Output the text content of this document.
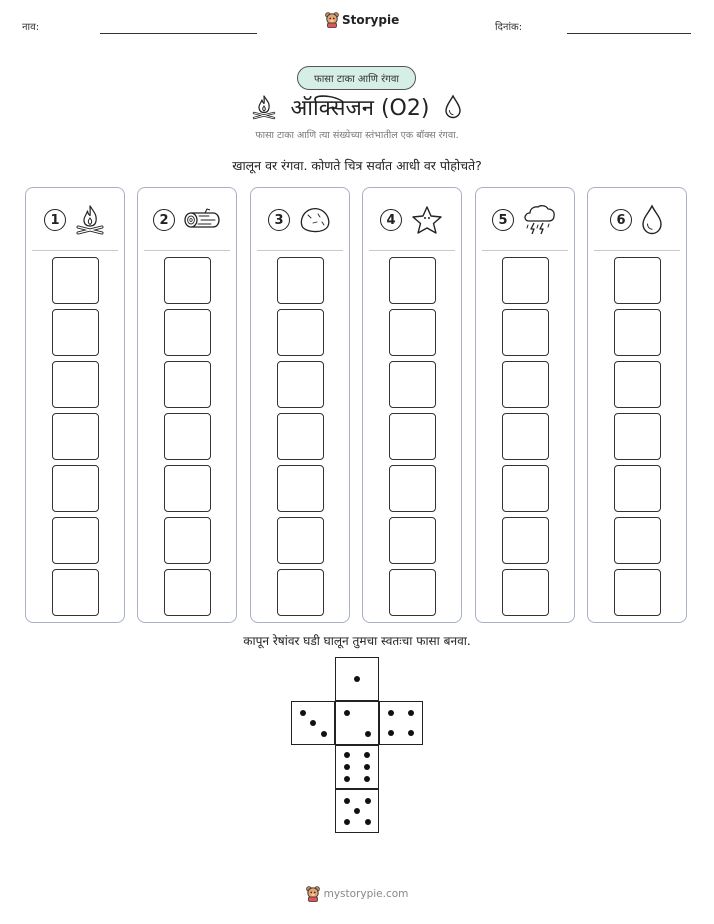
नाव:
Storypie
दिनांक:
फासा टाका आणि रंगवा
ऑक्सिजन (O2)
फासा टाका आणि त्या संख्येच्या स्तंभातील एक बॉक्स रंगवा.
खालून वर रंगवा. कोणते चित्र सर्वात आधी वर पोहोचते?
1	2	3	4	5	6
कापून रेषांवर घडी घालून तुमचा स्वतःचा फासा बनवा.
mystorypie.com
